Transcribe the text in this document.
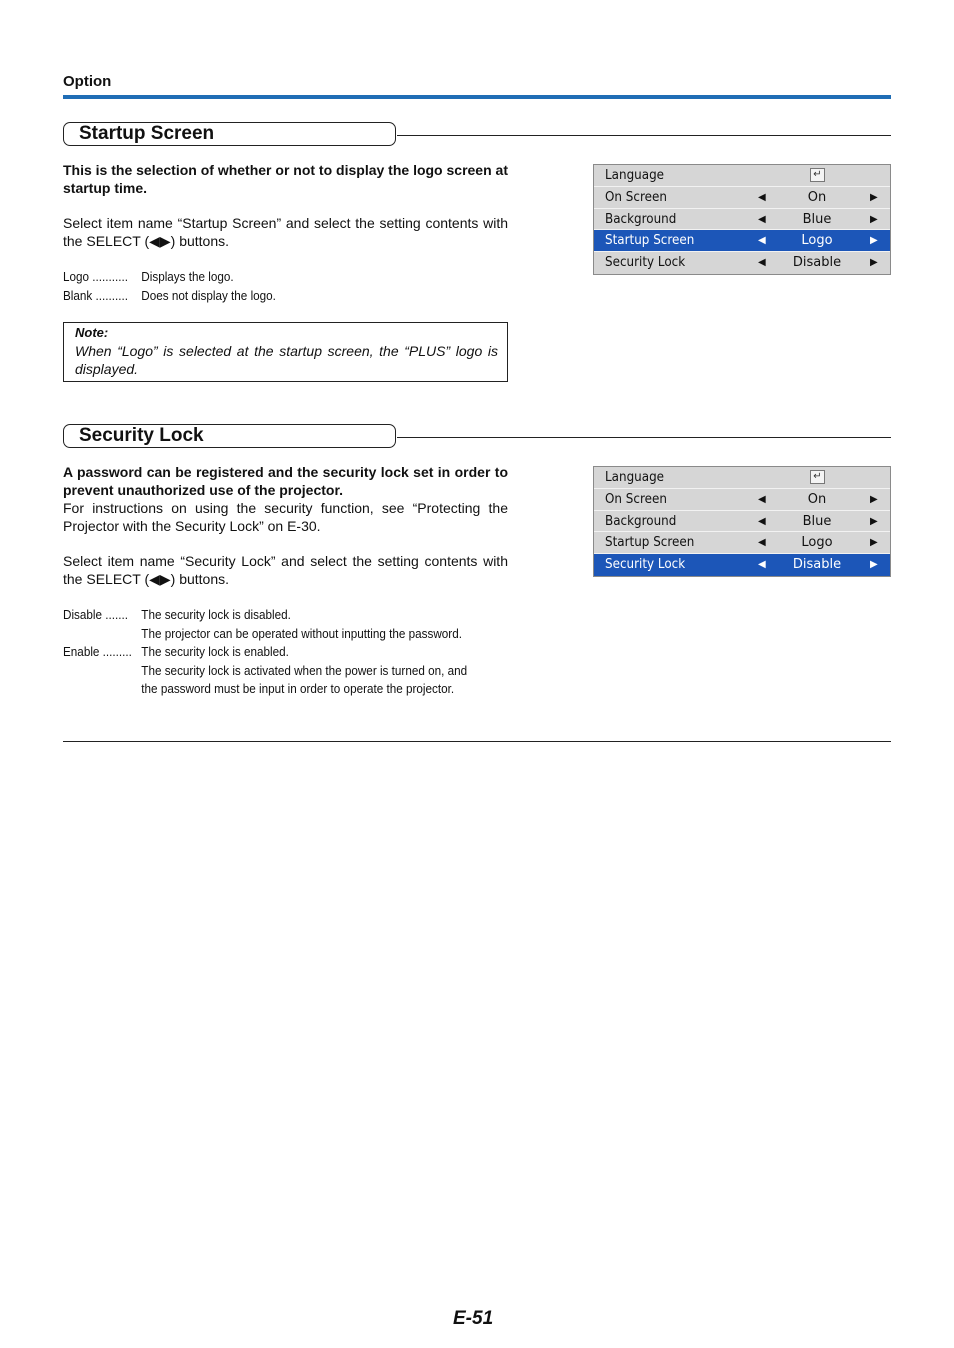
Option
Startup Screen
This is the selection of whether or not to display the logo screen at startup time.
Select item name “Startup Screen” and select the setting contents with the SELECT (◀▶) buttons.
Logo ........... Displays the logo.
Blank .......... Does not display the logo.
Note:
When “Logo” is selected at the startup screen, the “PLUS” logo is displayed.
Language	↵
On Screen	◀	On	▶
Background	◀	Blue	▶
Startup Screen	◀	Logo	▶
Security Lock	◀	Disable	▶
Security Lock
A password can be registered and the security lock set in order to prevent unauthorized use of the projector.
For instructions on using the security function, see “Protecting the Projector with the Security Lock” on E-30.
Select item name “Security Lock” and select the setting contents with the SELECT (◀▶) buttons.
Disable ....... The security lock is disabled.
The projector can be operated without inputting the password.
Enable ......... The security lock is enabled.
The security lock is activated when the power is turned on, and
the password must be input in order to operate the projector.
Language	↵
On Screen	◀	On	▶
Background	◀	Blue	▶
Startup Screen	◀	Logo	▶
Security Lock	◀	Disable	▶
E-51
